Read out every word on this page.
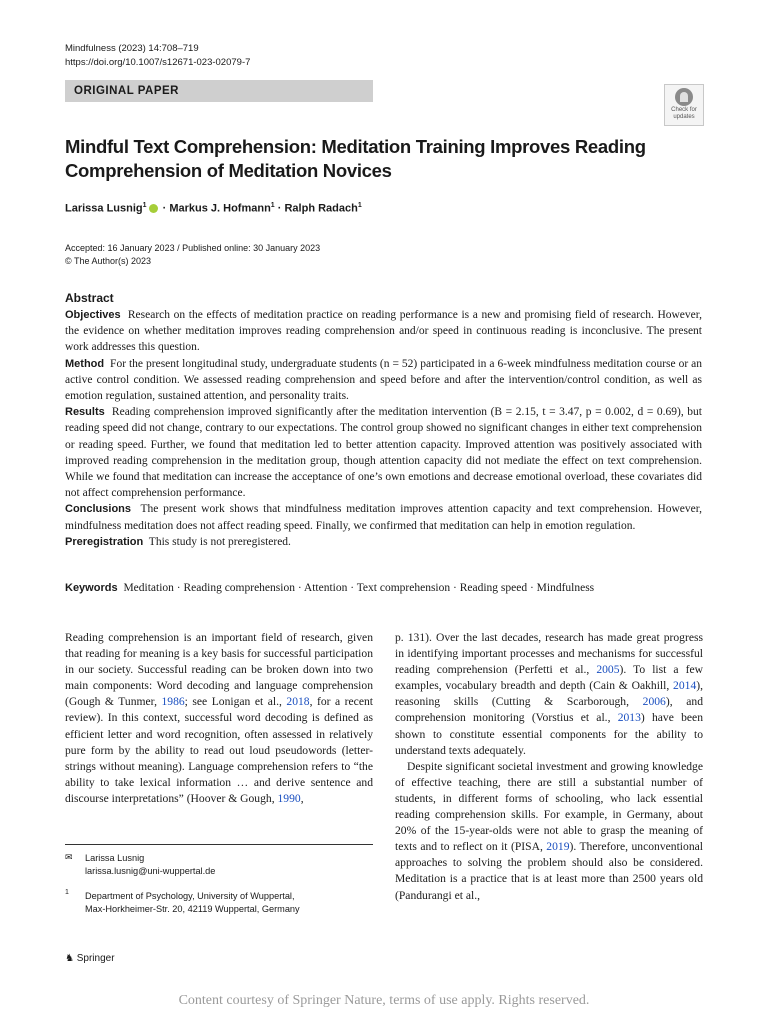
Mindfulness (2023) 14:708–719
https://doi.org/10.1007/s12671-023-02079-7
ORIGINAL PAPER
Check for
updates
Mindful Text Comprehension: Meditation Training Improves Reading
Comprehension of Meditation Novices
Larissa Lusnig$^1$ · Markus J. Hofmann$^1$ · Ralph Radach$^1$
Accepted: 16 January 2023 / Published online: 30 January 2023
© The Author(s) 2023
Abstract

Objectives Research on the effects of meditation practice on reading performance is a new and promising field of research. However, the evidence on whether meditation improves reading comprehension and/or speed in continuous reading is inconclusive. The present work addresses this question.

Method For the present longitudinal study, undergraduate students (n = 52) participated in a 6-week mindfulness meditation course or an active control condition. We assessed reading comprehension and speed before and after the intervention/control condition, as well as emotion regulation, sustained attention, and personality traits.

Results Reading comprehension improved significantly after the meditation intervention (B = 2.15, t = 3.47, p = 0.002, d = 0.69), but reading speed did not change, contrary to our expectations. The control group showed no significant changes in either text comprehension or reading speed. Further, we found that meditation led to better attention capacity. Improved attention was positively associated with improved reading comprehension in the meditation group, though attention capacity did not mediate the effect on text comprehension. While we found that meditation can increase the acceptance of one’s own emotions and decrease emotional overload, these covariates did not affect comprehension performance.

Conclusions The present work shows that mindfulness meditation improves attention capacity and text comprehension. However, mindfulness meditation does not affect reading speed. Finally, we confirmed that meditation can help in emotion regulation.

Preregistration This study is not preregistered.

Keywords Meditation · Reading comprehension · Attention · Text comprehension · Reading speed · Mindfulness

Reading comprehension is an important field of research, given that reading for meaning is a key basis for successful participation in our society. Successful reading can be broken down into two main components: Word decoding and language comprehension (Gough & Tunmer, 1986; see Lonigan et al., 2018, for a recent review). In this context, successful word decoding is defined as efficient letter and word recognition, often assessed in relatively pure form by the ability to read out loud pseudowords (letter-strings without meaning). Language comprehension refers to “the ability to take lexical information … and derive sentence and discourse interpretations” (Hoover & Gough, 1990,

p. 131). Over the last decades, research has made great progress in identifying important processes and mechanisms for successful reading comprehension (Perfetti et al., 2005). To list a few examples, vocabulary breadth and depth (Cain & Oakhill, 2014), reasoning skills (Cutting & Scarborough, 2006), and comprehension monitoring (Vorstius et al., 2013) have been shown to constitute essential components for the ability to understand texts adequately.

Despite significant societal investment and growing knowledge of effective teaching, there are still a substantial number of students, in different forms of schooling, who lack essential reading comprehension skills. For example, in Germany, about 20% of the 15-year-olds were not able to grasp the meaning of texts and to reflect on it (PISA, 2019). Therefore, unconventional approaches to solving the problem should also be considered. Meditation is a practice that is at least more than 2500 years old (Pandurangi et al.,

✉ Larissa Lusnig
larissa.lusnig@uni-wuppertal.de
1 Department of Psychology, University of Wuppertal,
Max-Horkheimer-Str. 20, 42119 Wuppertal, Germany
♞ Springer
Content courtesy of Springer Nature, terms of use apply. Rights reserved.
